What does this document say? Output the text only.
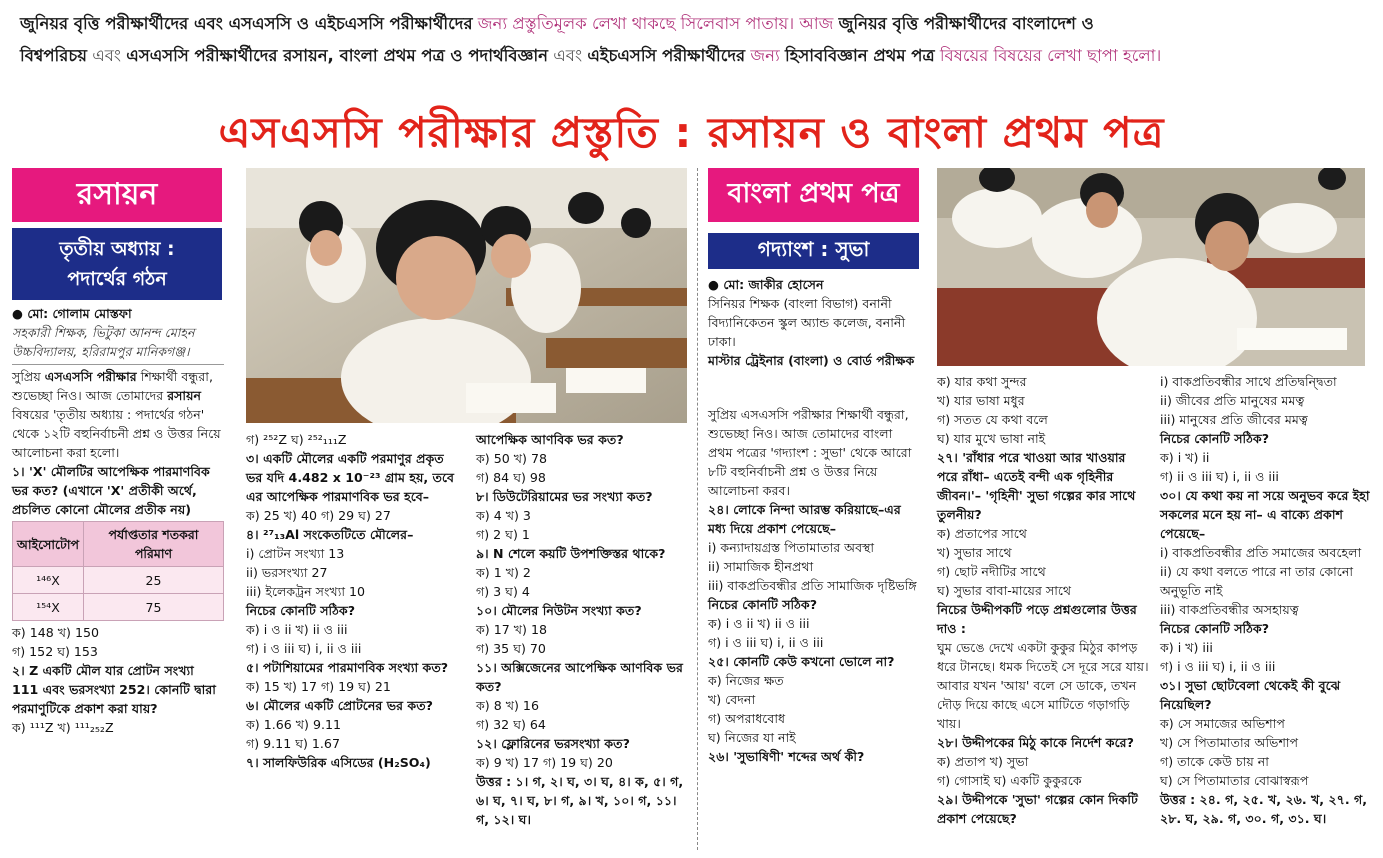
জুনিয়র বৃত্তি পরীক্ষার্থীদের এবং এসএসসি ও এইচএসসি পরীক্ষার্থীদের জন্য প্রস্তুতিমূলক লেখা থাকছে সিলেবাস পাতায়। আজ জুনিয়র বৃত্তি পরীক্ষার্থীদের বাংলাদেশ ও
বিশ্বপরিচয় এবং এসএসসি পরীক্ষার্থীদের রসায়ন, বাংলা প্রথম পত্র ও পদার্থবিজ্ঞান এবং এইচএসসি পরীক্ষার্থীদের জন্য হিসাববিজ্ঞান প্রথম পত্র বিষয়ের বিষয়ের লেখা ছাপা হলো।
এসএসসি পরীক্ষার প্রস্তুতি : রসায়ন ও বাংলা প্রথম পত্র
রসায়ন
তৃতীয় অধ্যায় :
পদার্থের গঠন

● মো: গোলাম মোস্তফা

সহকারী শিক্ষক, ভিটুকা আনন্দ মোহন উচ্চবিদ্যালয়, হরিরামপুর মানিকগঞ্জ।

সুপ্রিয় এসএসসি পরীক্ষার শিক্ষার্থী বন্ধুরা, শুভেচ্ছা নিও। আজ তোমাদের রসায়ন বিষয়ের 'তৃতীয় অধ্যায় : পদার্থের গঠন' থেকে ১২টি বহুনির্বাচনী প্রশ্ন ও উত্তর নিয়ে আলোচনা করা হলো।

১। 'X' মৌলটির আপেক্ষিক পারমাণবিক ভর কত? (এখানে 'X' প্রতীকী অর্থে, প্রচলিত কোনো মৌলের প্রতীক নয়)

আইসোটোপ	পর্যাপ্ততার শতকরা পরিমাণ
¹⁴⁶X	25
¹⁵⁴X	75

ক) 148 খ) 150

গ) 152 ঘ) 153

২। Z একটি মৌল যার প্রোটন সংখ্যা 111 এবং ভরসংখ্যা 252। কোনটি দ্বারা পরমাণুটিকে প্রকাশ করা যায়?

ক) ¹¹¹Z খ) ¹¹¹₂₅₂Z

গ) ²⁵²Z ঘ) ²⁵²₁₁₁Z

৩। একটি মৌলের একটি পরমাণুর প্রকৃত ভর যদি 4.482 x 10⁻²³ গ্রাম হয়, তবে এর আপেক্ষিক পারমাণবিক ভর হবে–

ক) 25 খ) 40 গ) 29 ঘ) 27

৪। ²⁷₁₃Al সংকেতটিতে মৌলের–

i) প্রোটন সংখ্যা 13

ii) ভরসংখ্যা 27

iii) ইলেকট্রন সংখ্যা 10

নিচের কোনটি সঠিক?

ক) i ও ii খ) ii ও iii

গ) i ও iii ঘ) i, ii ও iii

৫। পটাশিয়ামের পারমাণবিক সংখ্যা কত?

ক) 15 খ) 17 গ) 19 ঘ) 21

৬। মৌলের একটি প্রোটনের ভর কত?

ক) 1.66 খ) 9.11

গ) 9.11 ঘ) 1.67

৭। সালফিউরিক এসিডের (H₂SO₄)

আপেক্ষিক আণবিক ভর কত?

ক) 50 খ) 78

গ) 84 ঘ) 98

৮। ডিউটেরিয়ামের ভর সংখ্যা কত?

ক) 4 খ) 3

গ) 2 ঘ) 1

৯। N শেলে কয়টি উপশক্তিস্তর থাকে?

ক) 1 খ) 2

গ) 3 ঘ) 4

১০। মৌলের নিউটন সংখ্যা কত?

ক) 17 খ) 18

গ) 35 ঘ) 70

১১। অক্সিজেনের আপেক্ষিক আণবিক ভর কত?

ক) 8 খ) 16

গ) 32 ঘ) 64

১২। ফ্লোরিনের ভরসংখ্যা কত?

ক) 9 খ) 17 গ) 19 ঘ) 20

উত্তর : ১। গ, ২। ঘ, ৩। ঘ, ৪। ক, ৫। গ, ৬। ঘ, ৭। ঘ, ৮। গ, ৯। খ, ১০। গ, ১১। গ, ১২। ঘ।

বাংলা প্রথম পত্র
গদ্যাংশ : সুভা

● মো: জাকীর হোসেন

সিনিয়র শিক্ষক (বাংলা বিভাগ) বনানী বিদ্যানিকেতন স্কুল অ্যান্ড কলেজ, বনানী ঢাকা।

মাস্টার ট্রেইনার (বাংলা) ও বোর্ড পরীক্ষক

সুপ্রিয় এসএসসি পরীক্ষার শিক্ষার্থী বন্ধুরা, শুভেচ্ছা নিও। আজ তোমাদের বাংলা প্রথম পত্রের 'গদ্যাংশ : সুভা' থেকে আরো ৮টি বহুনির্বাচনী প্রশ্ন ও উত্তর নিয়ে আলোচনা করব।

২৪। লোকে নিন্দা আরম্ভ করিয়াছে–এর মধ্য দিয়ে প্রকাশ পেয়েছে–

i) কন্যাদায়গ্রস্ত পিতামাতার অবস্থা

ii) সামাজিক হীনপ্রথা

iii) বাকপ্রতিবন্ধীর প্রতি সামাজিক দৃষ্টিভঙ্গি

নিচের কোনটি সঠিক?

ক) i ও ii খ) ii ও iii

গ) i ও iii ঘ) i, ii ও iii

২৫। কোনটি কেউ কখনো ভোলে না?

ক) নিজের ক্ষত

খ) বেদনা

গ) অপরাধবোধ

ঘ) নিজের যা নাই

২৬। 'সুভাষিণী' শব্দের অর্থ কী?

ক) যার কথা সুন্দর

খ) যার ভাষা মধুর

গ) সতত যে কথা বলে

ঘ) যার মুখে ভাষা নাই

২৭। 'রাঁধার পরে খাওয়া আর খাওয়ার পরে রাঁধা– এতেই বন্দী এক গৃহিনীর জীবন।'– 'গৃহিনী' সুভা গল্পের কার সাথে তুলনীয়?

ক) প্রতাপের সাথে

খ) সুভার সাথে

গ) ছোট নদীটির সাথে

ঘ) সুভার বাবা-মায়ের সাথে

নিচের উদ্দীপকটি পড়ে প্রশ্নগুলোর উত্তর দাও :

ঘুম ভেঙে দেখে একটা কুকুর মিঠুর কাপড় ধরে টানছে। ধমক দিতেই সে দূরে সরে যায়। আবার যখন 'আয়' বলে সে ডাকে, তখন দৌড় দিয়ে কাছে এসে মাটিতে গড়াগড়ি খায়।

২৮। উদ্দীপকের মিঠু কাকে নির্দেশ করে?

ক) প্রতাপ খ) সুভা

গ) গোসাই ঘ) একটি কুকুরকে

২৯। উদ্দীপকে 'সুভা' গল্পের কোন দিকটি প্রকাশ পেয়েছে?

i) বাকপ্রতিবন্ধীর সাথে প্রতিদ্বন্দ্বিতা

ii) জীবের প্রতি মানুষের মমত্ব

iii) মানুষের প্রতি জীবের মমত্ব

নিচের কোনটি সঠিক?

ক) i খ) ii

গ) ii ও iii ঘ) i, ii ও iii

৩০। যে কথা কয় না সয়ে অনুভব করে ইহা সকলের মনে হয় না– এ বাক্যে প্রকাশ পেয়েছে–

i) বাকপ্রতিবন্ধীর প্রতি সমাজের অবহেলা

ii) যে কথা বলতে পারে না তার কোনো অনুভূতি নাই

iii) বাকপ্রতিবন্ধীর অসহায়ত্ব

নিচের কোনটি সঠিক?

ক) i খ) iii

গ) i ও iii ঘ) i, ii ও iii

৩১। সুভা ছোটবেলা থেকেই কী বুঝে নিয়েছিল?

ক) সে সমাজের অভিশাপ

খ) সে পিতামাতার অভিশাপ

গ) তাকে কেউ চায় না

ঘ) সে পিতামাতার বোঝাস্বরূপ

উত্তর : ২৪. গ, ২৫. খ, ২৬. খ, ২৭. গ, ২৮. ঘ, ২৯. গ, ৩০. গ, ৩১. ঘ।
